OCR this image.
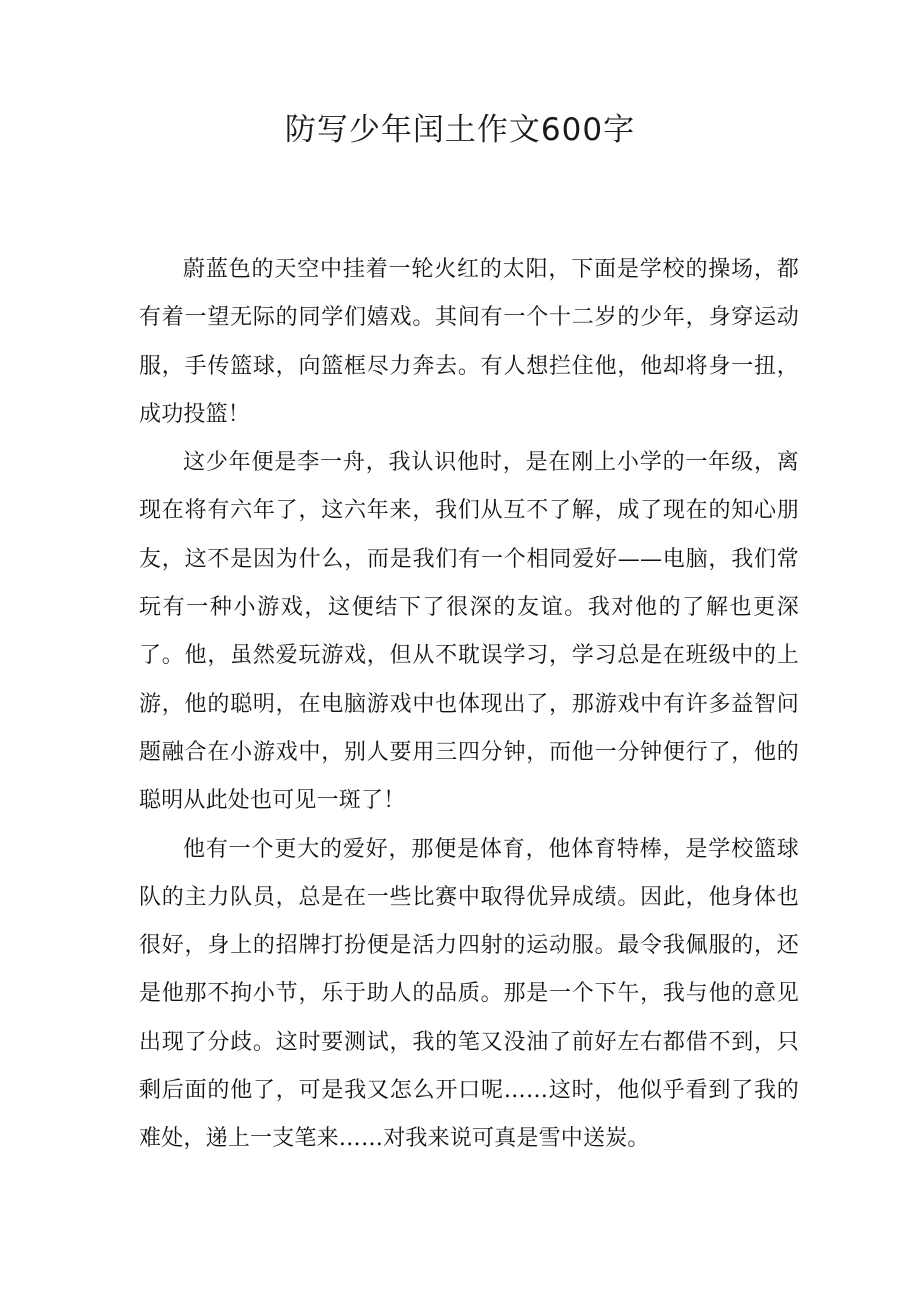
防写少年闰土作文600字

蔚蓝色的天空中挂着一轮火红的太阳，下面是学校的操场，都有着一望无际的同学们嬉戏。其间有一个十二岁的少年，身穿运动服，手传篮球，向篮框尽力奔去。有人想拦住他，他却将身一扭，成功投篮！

这少年便是李一舟，我认识他时，是在刚上小学的一年级，离现在将有六年了，这六年来，我们从互不了解，成了现在的知心朋友，这不是因为什么，而是我们有一个相同爱好——电脑，我们常玩有一种小游戏，这便结下了很深的友谊。我对他的了解也更深了。他，虽然爱玩游戏，但从不耽误学习，学习总是在班级中的上游，他的聪明，在电脑游戏中也体现出了，那游戏中有许多益智问题融合在小游戏中，别人要用三四分钟，而他一分钟便行了，他的聪明从此处也可见一斑了！

他有一个更大的爱好，那便是体育，他体育特棒，是学校篮球队的主力队员，总是在一些比赛中取得优异成绩。因此，他身体也很好，身上的招牌打扮便是活力四射的运动服。最令我佩服的，还是他那不拘小节，乐于助人的品质。那是一个下午，我与他的意见出现了分歧。这时要测试，我的笔又没油了前好左右都借不到，只剩后面的他了，可是我又怎么开口呢……这时，他似乎看到了我的难处，递上一支笔来……对我来说可真是雪中送炭。
